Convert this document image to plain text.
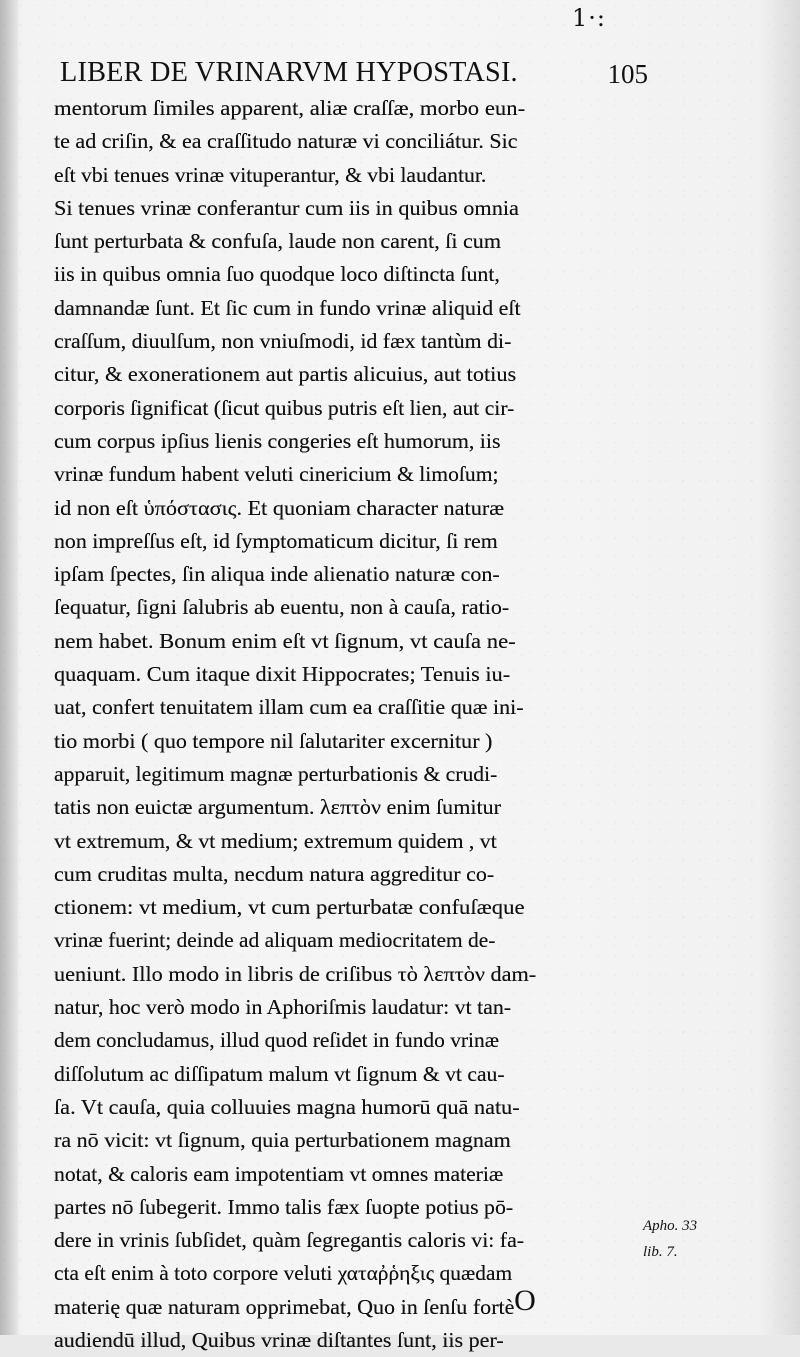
1·:
LIBER DE VRINARVM HYPOSTASI.	105
mentorum ſimiles apparent, aliæ craſſæ, morbo eun-
te ad criſin, & ea craſſitudo naturæ vi conciliátur. Sic
eſt vbi tenues vrinæ vituperantur, & vbi laudantur.
Si tenues vrinæ conferantur cum iis in quibus omnia
ſunt perturbata & confuſa, laude non carent, ſi cum
iis in quibus omnia ſuo quodque loco diſtincta ſunt,
damnandæ ſunt. Et ſic cum in fundo vrinæ aliquid eſt
craſſum, diuulſum, non vniuſmodi, id fæx tantùm di-
citur, & exonerationem aut partis alicuius, aut totius
corporis ſignificat (ſicut quibus putris eſt lien, aut cir-
cum corpus ipſius lienis congeries eſt humorum, iis
vrinæ fundum habent veluti cinericium & limoſum;
id non eſt ὑπόστασις. Et quoniam character naturæ
non impreſſus eſt, id ſymptomaticum dicitur, ſi rem
ipſam ſpectes, ſin aliqua inde alienatio naturæ con-
ſequatur, ſigni ſalubris ab euentu, non à cauſa, ratio-
nem habet. Bonum enim eſt vt ſignum, vt cauſa ne-
quaquam. Cum itaque dixit Hippocrates; Tenuis iu-
uat, confert tenuitatem illam cum ea craſſitie quæ ini-
tio morbi ( quo tempore nil ſalutariter excernitur )
apparuit, legitimum magnæ perturbationis & crudi-
tatis non euictæ argumentum. λεπτὸν enim ſumitur
vt extremum, & vt medium; extremum quidem , vt
cum cruditas multa, necdum natura aggreditur co-
ctionem: vt medium, vt cum perturbatæ confuſæque
vrinæ fuerint; deinde ad aliquam mediocritatem de-
ueniunt. Illo modo in libris de criſibus τὸ λεπτὸν dam-
natur, hoc verò modo in Aphoriſmis laudatur: vt tan-
dem concludamus, illud quod reſidet in fundo vrinæ
diſſolutum ac diſſipatum malum vt ſignum & vt cau-
ſa. Vt cauſa, quia colluuies magna humorū quā natu-
ra nō vicit: vt ſignum, quia perturbationem magnam
notat, & caloris eam impotentiam vt omnes materiæ
partes nō ſubegerit. Immo talis fæx ſuopte potius pō-
dere in vrinis ſubſidet, quàm ſegregantis caloris vi: fa-
cta eſt enim à toto corpore veluti χαταῤῥηξις quædam
materię quæ naturam opprimebat, Quo in ſenſu fortè
audiendū illud, Quibus vrinæ diſtantes ſunt, iis per-
Apho. 33
lib. 7.
O
